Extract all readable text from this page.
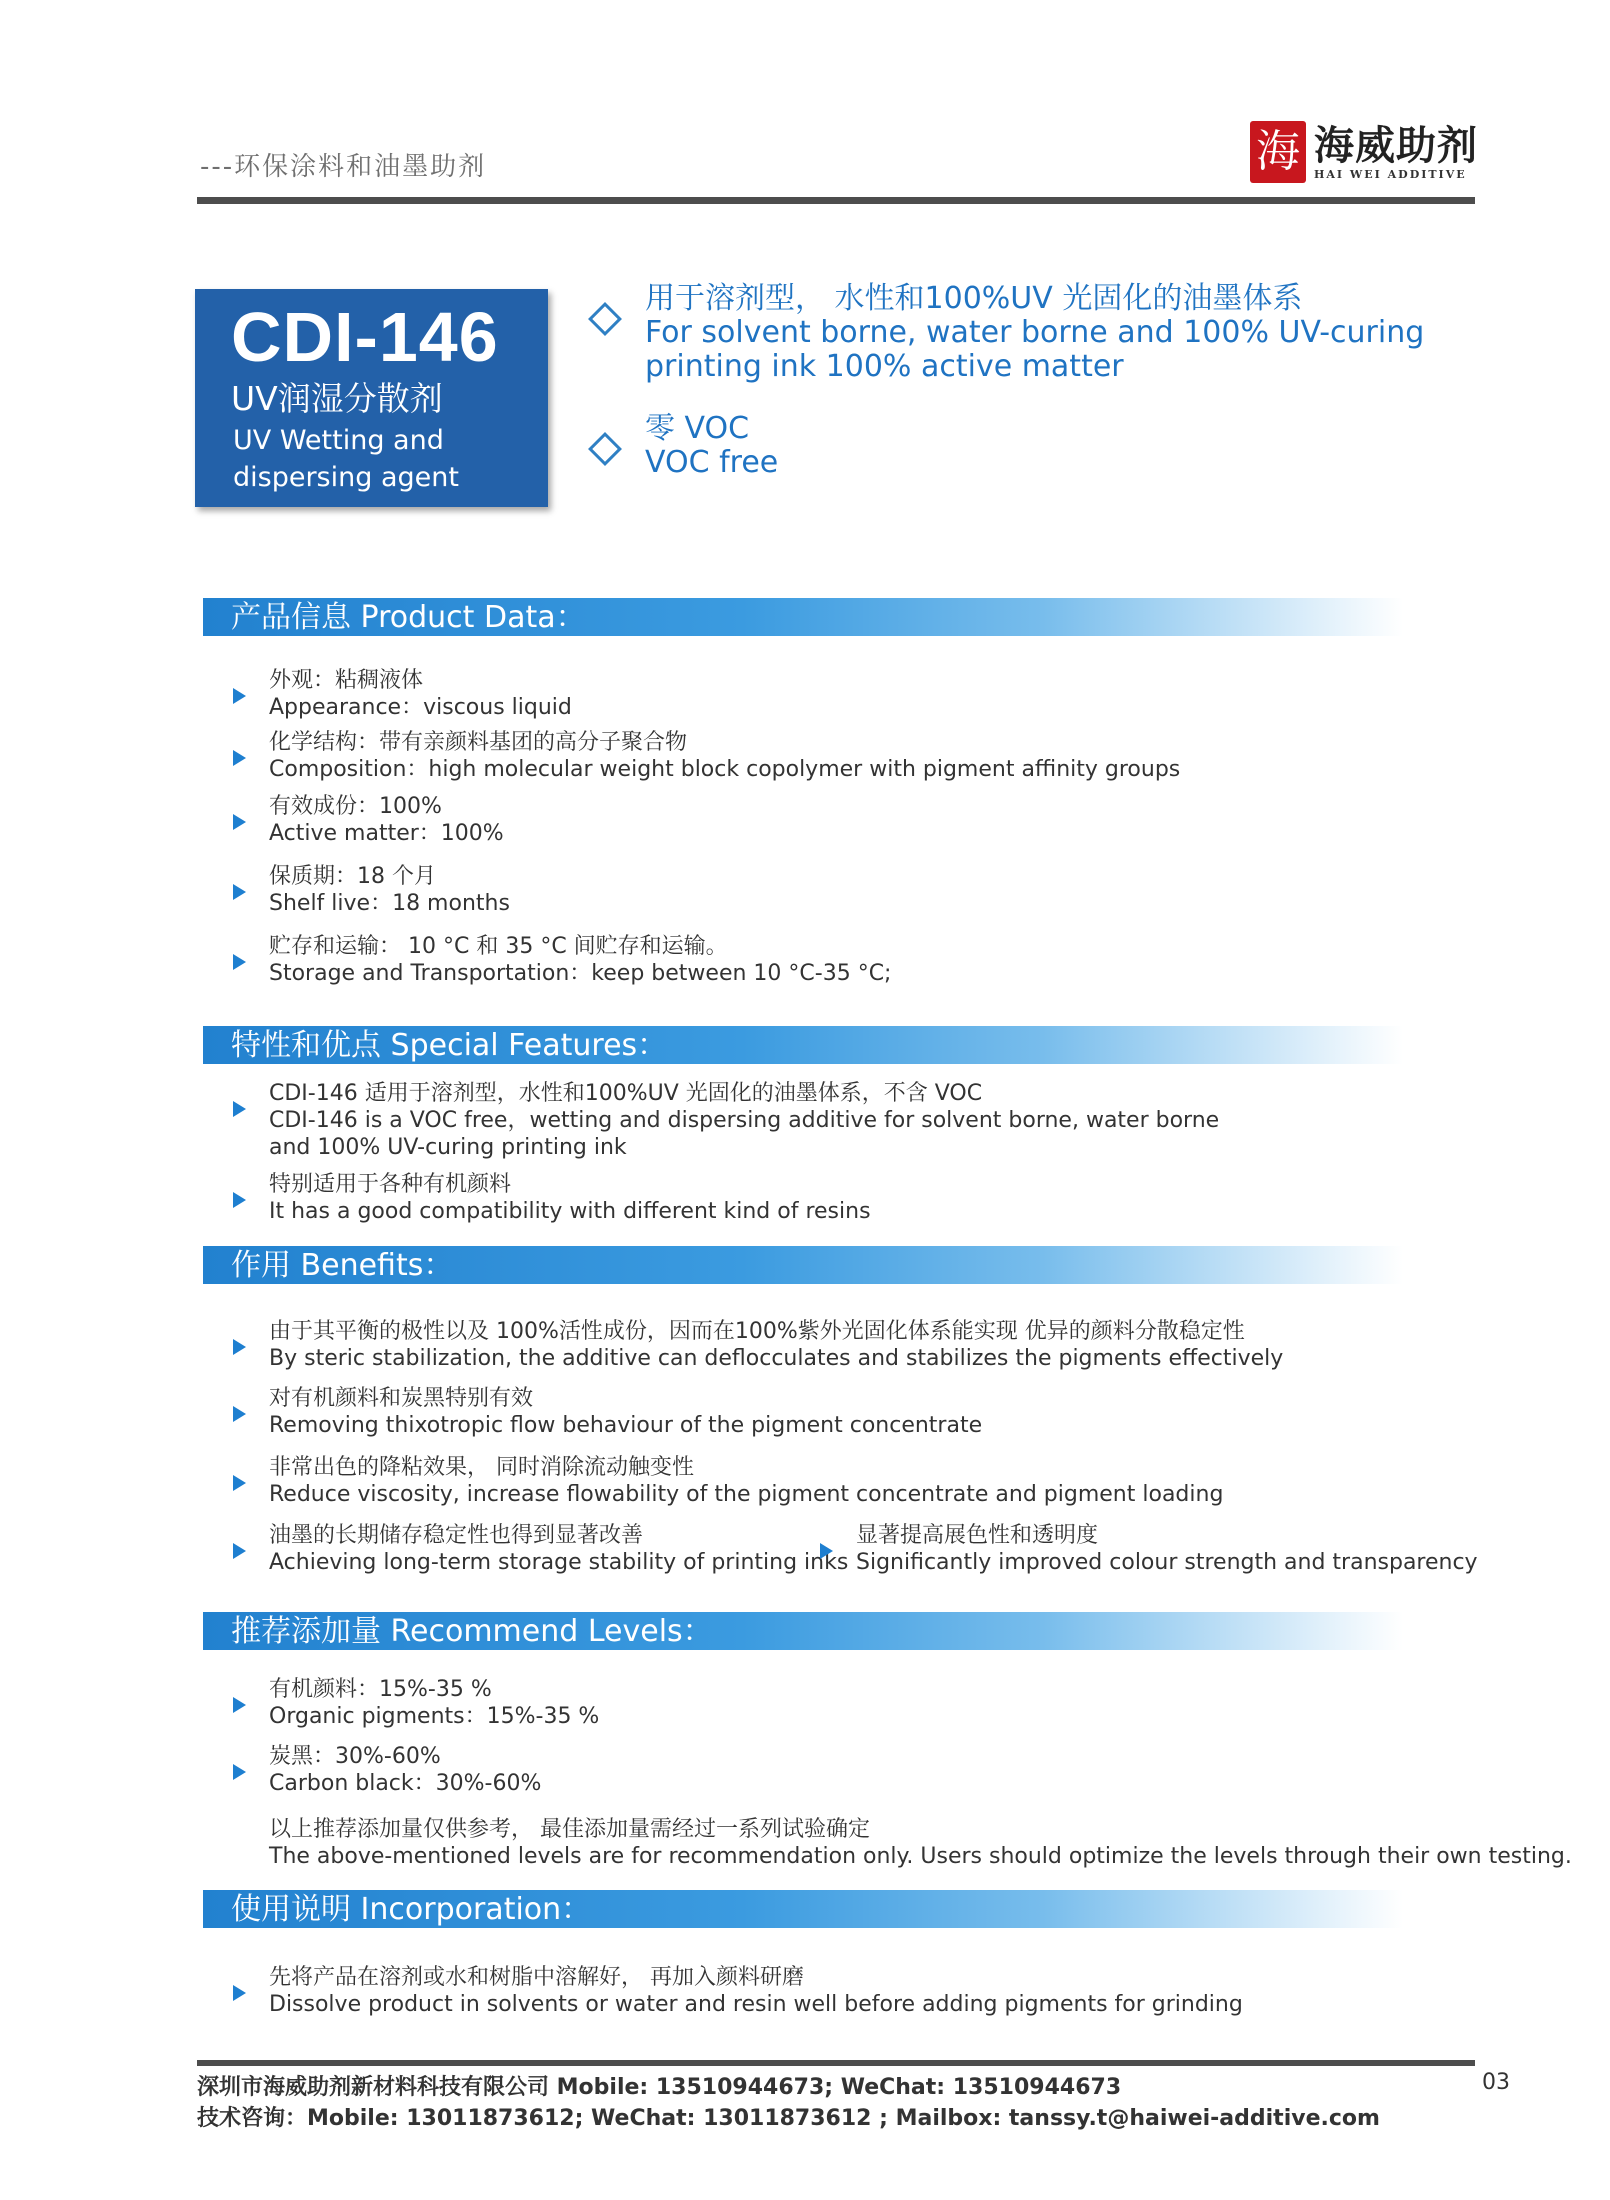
---环保涂料和油墨助剂	海 海威助剂
HAI WEI ADDITIVE
CDI-146
UV润湿分散剂
UV Wetting and
dispersing agent
用于溶剂型， 水性和100%UV 光固化的油墨体系
For solvent borne, water borne and 100% UV-curing
printing ink 100% active matter
零 VOC
VOC free
产品信息 Product Data：
外观：粘稠液体
Appearance：viscous liquid
化学结构：带有亲颜料基团的高分子聚合物
Composition：high molecular weight block copolymer with pigment affinity groups
有效成份：100%
Active matter：100%
保质期：18 个月
Shelf live：18 months
贮存和运输： 10 °C 和 35 °C 间贮存和运输。
Storage and Transportation：keep between 10 °C-35 °C;
特性和优点 Special Features：
CDI-146 适用于溶剂型，水性和100%UV 光固化的油墨体系，不含 VOC
CDI-146 is a VOC free，wetting and dispersing additive for solvent borne, water borne
and 100% UV-curing printing ink
特别适用于各种有机颜料
It has a good compatibility with different kind of resins
作用 Benefits：
由于其平衡的极性以及 100%活性成份，因而在100%紫外光固化体系能实现 优异的颜料分散稳定性
By steric stabilization, the additive can deflocculates and stabilizes the pigments effectively
对有机颜料和炭黑特别有效
Removing thixotropic flow behaviour of the pigment concentrate
非常出色的降粘效果， 同时消除流动触变性
Reduce viscosity, increase flowability of the pigment concentrate and pigment loading
油墨的长期储存稳定性也得到显著改善
Achieving long-term storage stability of printing inks
显著提高展色性和透明度
Significantly improved colour strength and transparency
推荐添加量 Recommend Levels：
有机颜料：15%-35 %
Organic pigments：15%-35 %
炭黑：30%-60%
Carbon black：30%-60%
以上推荐添加量仅供参考， 最佳添加量需经过一系列试验确定
The above-mentioned levels are for recommendation only. Users should optimize the levels through their own testing.
使用说明 Incorporation：
先将产品在溶剂或水和树脂中溶解好， 再加入颜料研磨
Dissolve product in solvents or water and resin well before adding pigments for grinding
深圳市海威助剂新材料科技有限公司 Mobile: 13510944673; WeChat: 13510944673
技术咨询：Mobile: 13011873612; WeChat: 13011873612 ; Mailbox: tanssy.t@haiwei-additive.com
03
